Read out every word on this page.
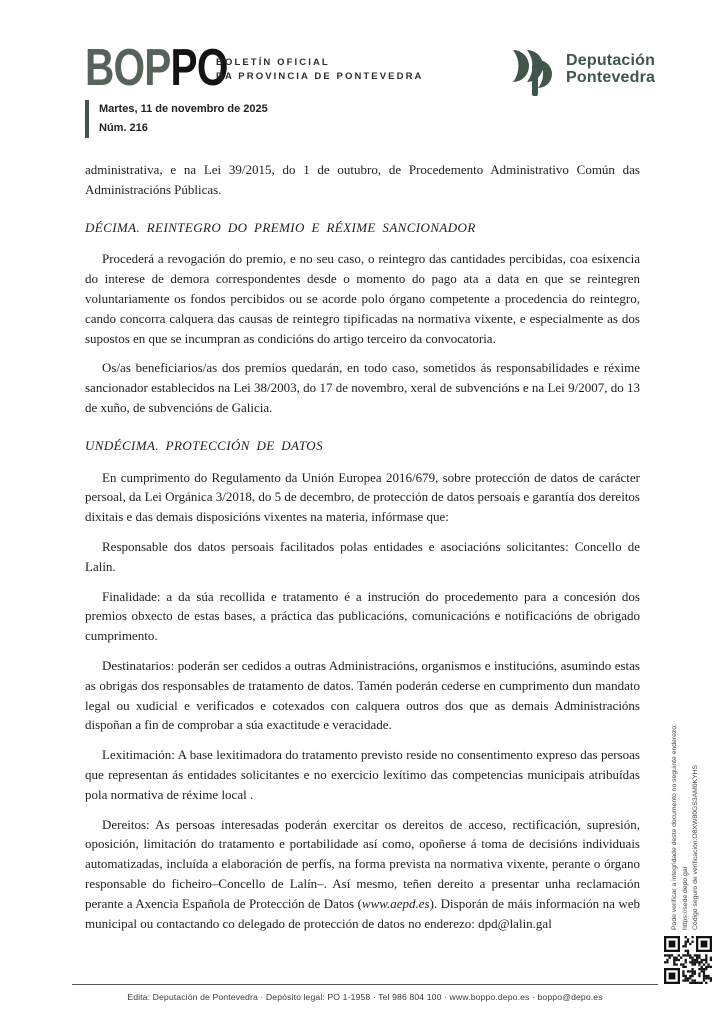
BOPPO
BOLETÍN OFICIAL
DA PROVINCIA DE PONTEVEDRA
Deputación
Pontevedra
Martes, 11 de novembro de 2025
Núm. 216

administrativa, e na Lei 39/2015, do 1 de outubro, de Procedemento Administrativo Común das Administracións Públicas.

DÉCIMA. REINTEGRO DO PREMIO E RÉXIME SANCIONADOR

Procederá a revogación do premio, e no seu caso, o reintegro das cantidades percibidas, coa esixencia do interese de demora correspondentes desde o momento do pago ata a data en que se reintegren voluntariamente os fondos percibidos ou se acorde polo órgano competente a procedencia do reintegro, cando concorra calquera das causas de reintegro tipificadas na normativa vixente, e especialmente as dos supostos en que se incumpran as condicións do artigo terceiro da convocatoria.

Os/as beneficiarios/as dos premios quedarán, en todo caso, sometidos ás responsabilidades e réxime sancionador establecidos na Lei 38/2003, do 17 de novembro, xeral de subvencións e na Lei 9/2007, do 13 de xuño, de subvencións de Galicia.

UNDÉCIMA. PROTECCIÓN DE DATOS

En cumprimento do Regulamento da Unión Europea 2016/679, sobre protección de datos de carácter persoal, da Lei Orgánica 3/2018, do 5 de decembro, de protección de datos persoais e garantía dos dereitos dixitais e das demais disposicións vixentes na materia, infórmase que:

Responsable dos datos persoais facilitados polas entidades e asociacións solicitantes: Concello de Lalín.

Finalidade: a da súa recollida e tratamento é a instrución do procedemento para a concesión dos premios obxecto de estas bases, a práctica das publicacións, comunicacións e notificacións de obrigado cumprimento.

Destinatarios: poderán ser cedidos a outras Administracións, organismos e institucións, asumindo estas as obrigas dos responsables de tratamento de datos. Tamén poderán cederse en cumprimento dun mandato legal ou xudicial e verificados e cotexados con calquera outros dos que as demais Administracións dispoñan a fin de comprobar a súa exactitude e veracidade.

Lexitimación: A base lexitimadora do tratamento previsto reside no consentimento expreso das persoas que representan ás entidades solicitantes e no exercicio lexítimo das competencias municipais atribuídas pola normativa de réxime local .

Dereitos: As persoas interesadas poderán exercitar os dereitos de acceso, rectificación, supresión, oposición, limitación do tratamento e portabilidade así como, opoñerse á toma de decisións individuais automatizadas, incluída a elaboración de perfís, na forma prevista na normativa vixente, perante o órgano responsable do ficheiro–Concello de Lalín–. Así mesmo, teñen dereito a presentar unha reclamación perante a Axencia Española de Protección de Datos (www.aepd.es). Disporán de máis información na web municipal ou contactando co delegado de protección de datos no enderezo: dpd@lalin.gal	Pode verificar a integridade deste documento no seguinte enderezo: https://sede.depo.gal Código seguro de verificación:O8XW80GS3AM0KYHS
Edita: Deputación de Pontevedra · Depósito legal: PO 1-1958 · Tel 986 804 100 · www.boppo.depo.es · boppo@depo.es
